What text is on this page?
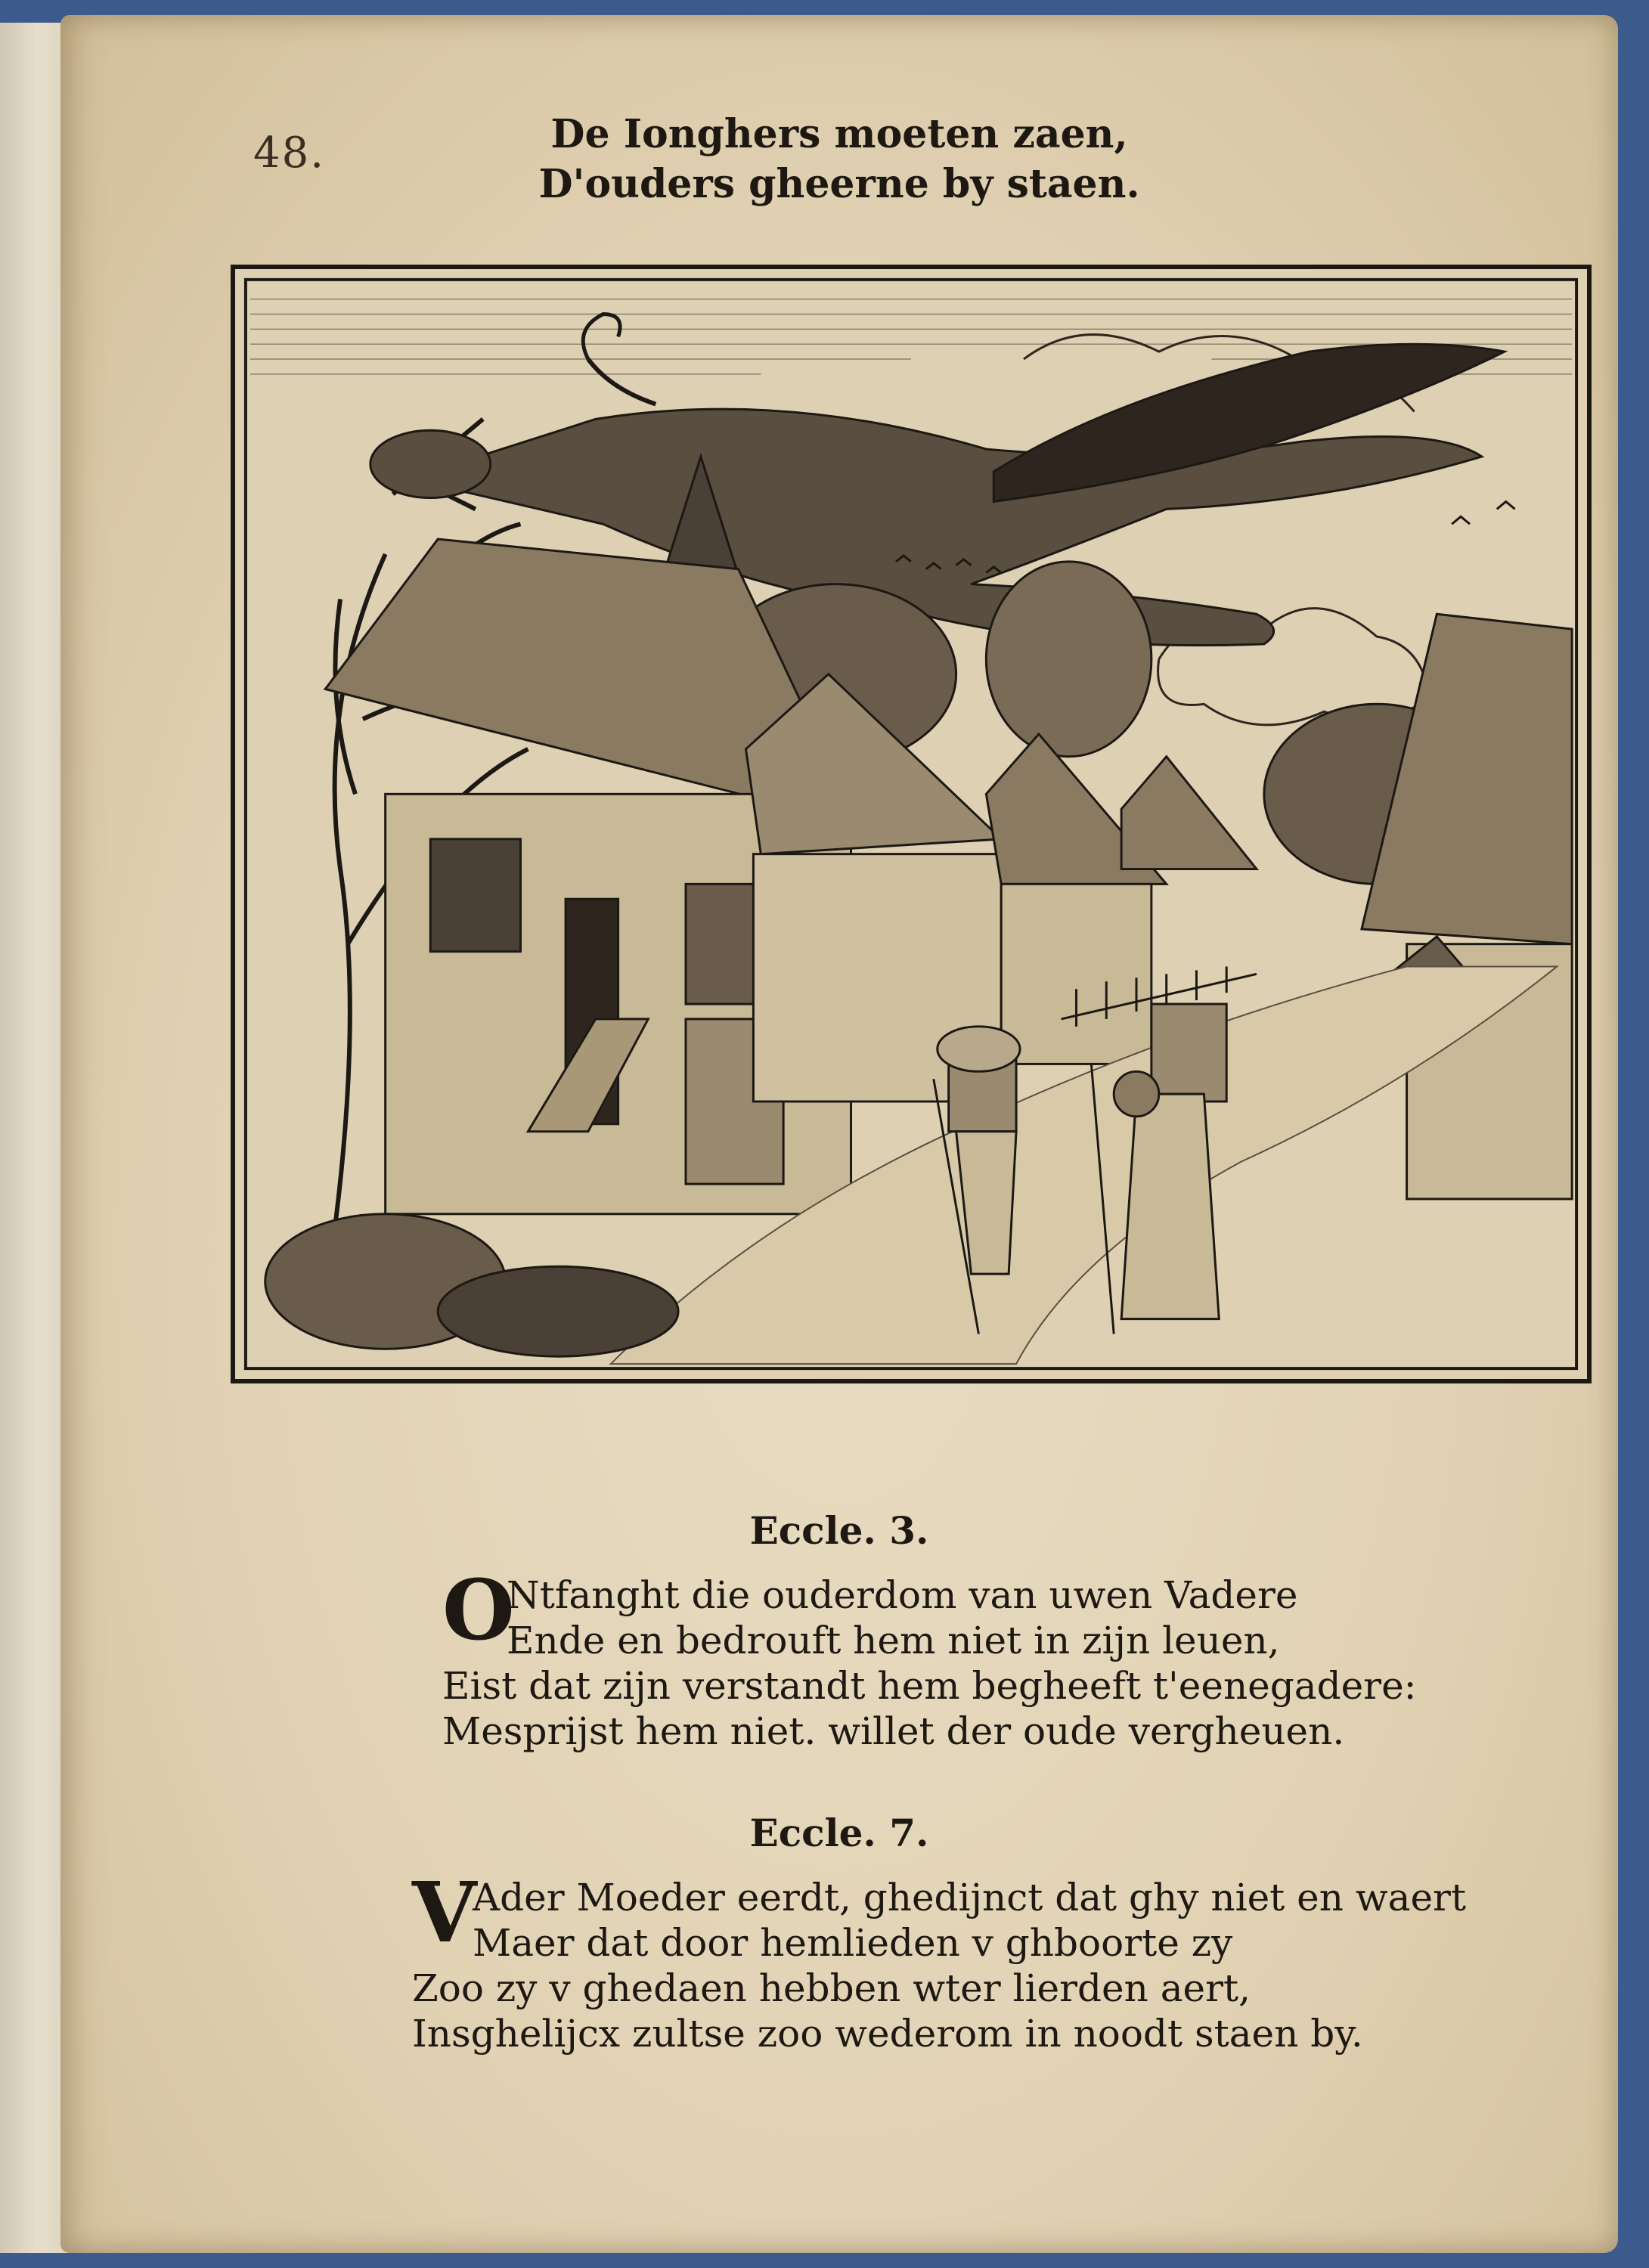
48.	De Ionghers moeten zaen,
D'ouders gheerne by staen.
Eccle. 3.
O
Ntfanght die ouderdom van uwen Vadere
Ende en bedrouft hem niet in zijn leuen,
Eist dat zijn verstandt hem begheeft t'eenegadere:
Mesprijst hem niet. willet der oude vergheuen.
Eccle. 7.
V
Ader Moeder eerdt, ghedijnct dat ghy niet en waert
Maer dat door hemlieden v ghboorte zy
Zoo zy v ghedaen hebben wter lierden aert,
Insghelijcx zultse zoo wederom in noodt staen by.
